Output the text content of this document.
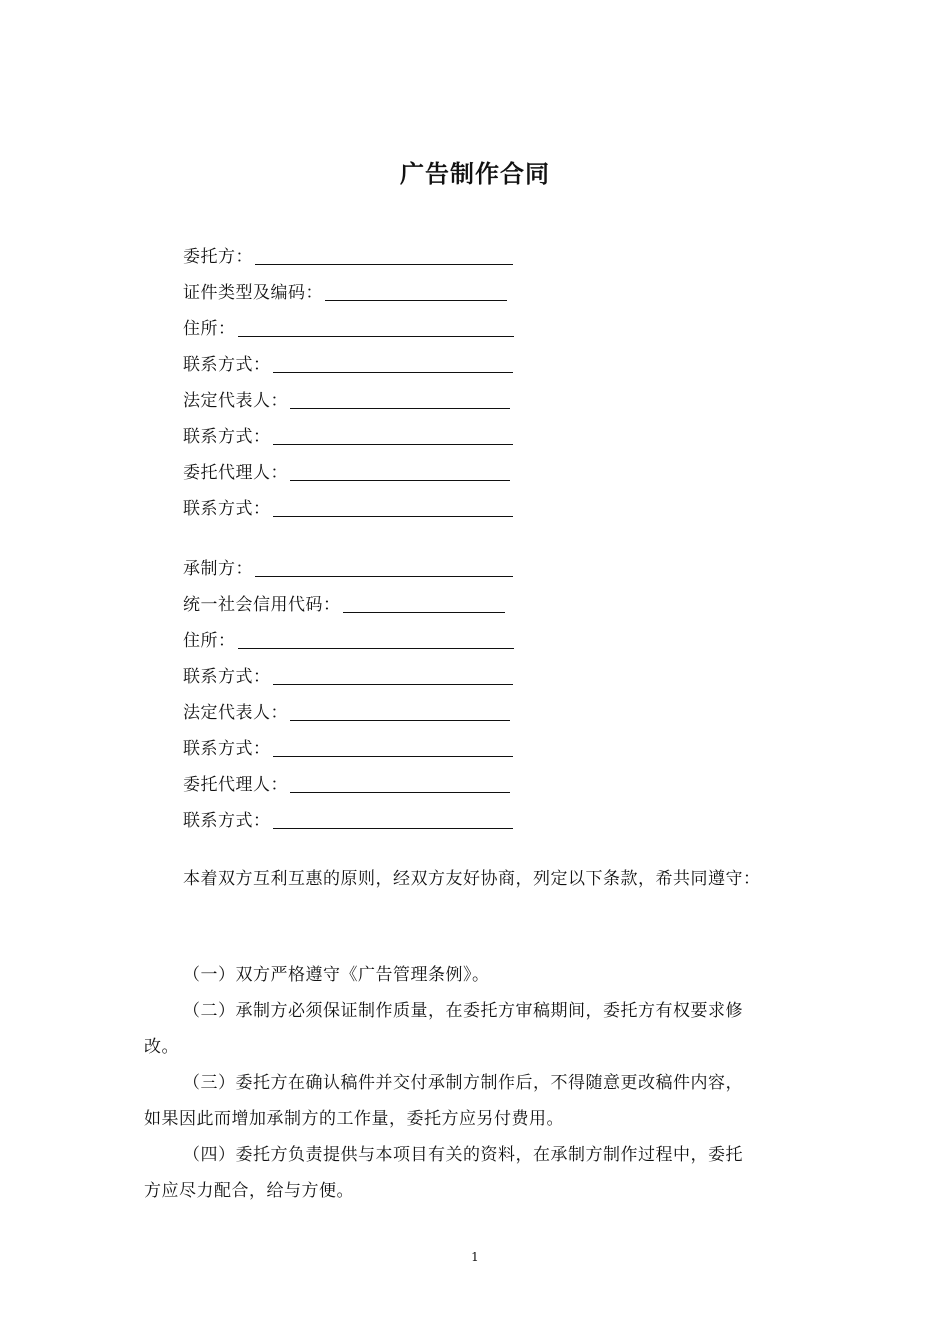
广告制作合同
委托方：
证件类型及编码：
住所：
联系方式：
法定代表人：
联系方式：
委托代理人：
联系方式：
承制方：
统一社会信用代码：
住所：
联系方式：
法定代表人：
联系方式：
委托代理人：
联系方式：
本着双方互利互惠的原则，经双方友好协商，列定以下条款，希共同遵守：
（一）双方严格遵守《广告管理条例》。
（二）承制方必须保证制作质量，在委托方审稿期间，委托方有权要求修
改。
（三）委托方在确认稿件并交付承制方制作后，不得随意更改稿件内容，
如果因此而增加承制方的工作量，委托方应另付费用。
（四）委托方负责提供与本项目有关的资料，在承制方制作过程中，委托
方应尽力配合，给与方便。
1
